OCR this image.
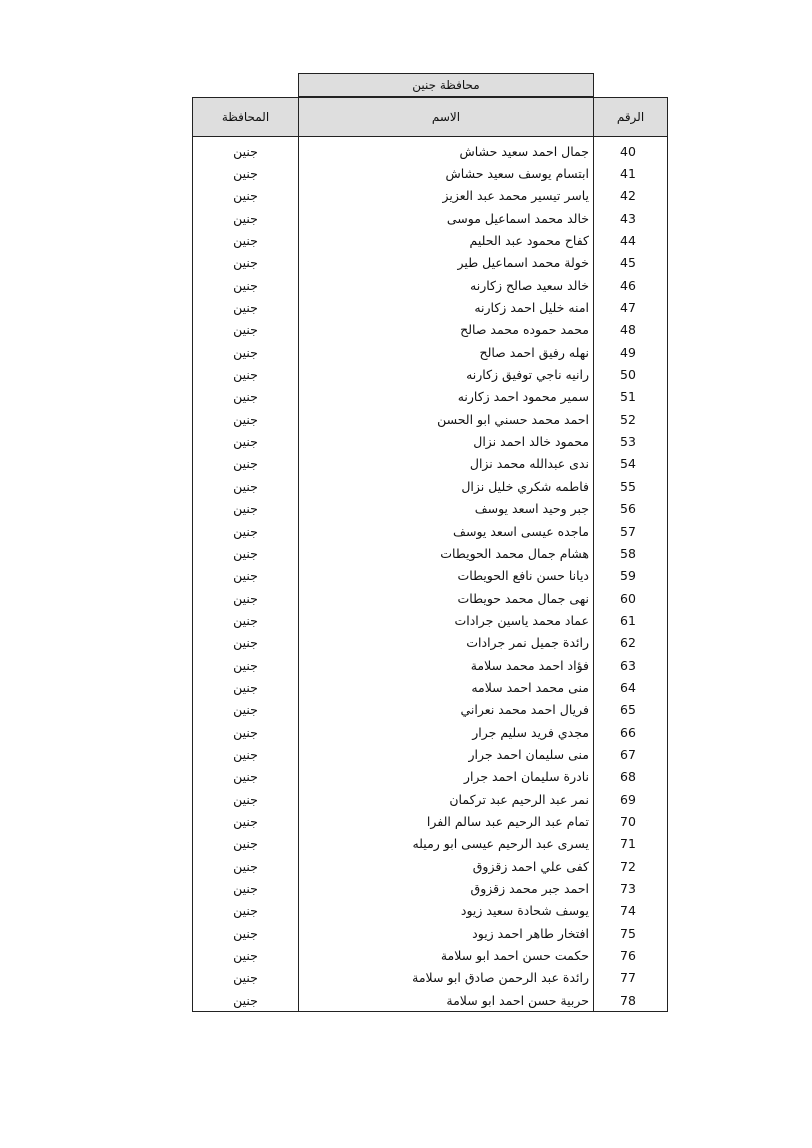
محافظة جنين
الرقم	الاسم	المحافظة
40	جمال احمد سعيد حشاش	جنين
41	ابتسام يوسف سعيد حشاش	جنين
42	ياسر تيسير محمد عبد العزيز	جنين
43	خالد محمد اسماعيل موسى	جنين
44	كفاح محمود عبد الحليم	جنين
45	خولة محمد اسماعيل طير	جنين
46	خالد سعيد صالح زكارنه	جنين
47	امنه خليل احمد زكارنه	جنين
48	محمد حموده محمد صالح	جنين
49	نهله رفيق احمد صالح	جنين
50	رانيه ناجي توفيق زكارنه	جنين
51	سمير محمود احمد زكارنه	جنين
52	احمد محمد حسني ابو الحسن	جنين
53	محمود خالد احمد نزال	جنين
54	ندى عبدالله محمد نزال	جنين
55	فاطمه شكري خليل نزال	جنين
56	جبر وحيد اسعد يوسف	جنين
57	ماجده عيسى اسعد يوسف	جنين
58	هشام جمال محمد الحويطات	جنين
59	ديانا حسن نافع الحويطات	جنين
60	نهى جمال محمد حويطات	جنين
61	عماد محمد ياسين جرادات	جنين
62	رائدة جميل نمر جرادات	جنين
63	فؤاد احمد محمد سلامة	جنين
64	منى محمد احمد سلامه	جنين
65	فريال احمد محمد نعراني	جنين
66	مجدي فريد سليم جرار	جنين
67	منى سليمان احمد جرار	جنين
68	نادرة سليمان احمد جرار	جنين
69	نمر عبد الرحيم عبد تركمان	جنين
70	تمام عبد الرحيم عبد سالم الفرا	جنين
71	يسرى عبد الرحيم عيسى ابو رميله	جنين
72	كفى علي احمد زقزوق	جنين
73	احمد جبر محمد زقزوق	جنين
74	يوسف شحادة سعيد زيود	جنين
75	افتخار طاهر احمد زيود	جنين
76	حكمت حسن احمد ابو سلامة	جنين
77	رائدة عبد الرحمن صادق ابو سلامة	جنين
78	حربية حسن احمد ابو سلامة	جنين
